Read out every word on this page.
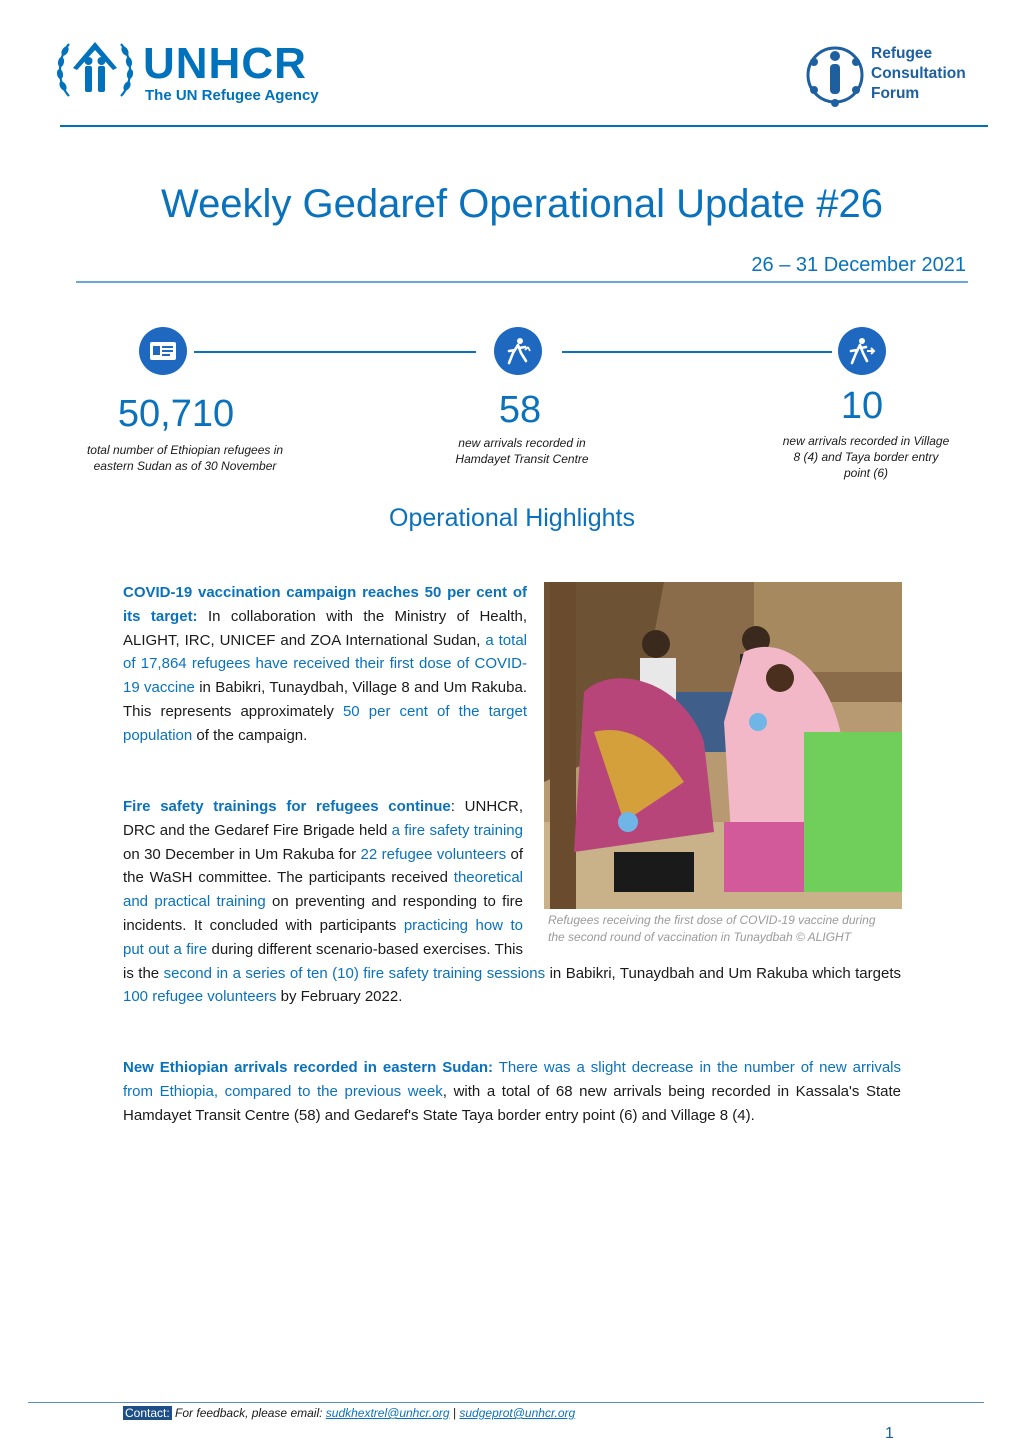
UNHCR
The UN Refugee Agency
Refugee
Consultation
Forum
Weekly Gedaref Operational Update #26
26 – 31 December 2021
50,710
total number of Ethiopian refugees in
eastern Sudan as of 30 November
58
new arrivals recorded in
Hamdayet Transit Centre
10
new arrivals recorded in Village
8 (4) and Taya border entry
point (6)
Operational Highlights
COVID-19 vaccination campaign reaches 50 per cent of its target: In collaboration with the Ministry of Health, ALIGHT, IRC, UNICEF and ZOA International Sudan, a total of 17,864 refugees have received their first dose of COVID-19 vaccine in Babikri, Tunaydbah, Village 8 and Um Rakuba. This represents approximately 50 per cent of the target population of the campaign.
Refugees receiving the first dose of COVID-19 vaccine during
the second round of vaccination in Tunaydbah © ALIGHT
Fire safety trainings for refugees continue: UNHCR, DRC and the Gedaref Fire Brigade held a fire safety training on 30 December in Um Rakuba for 22 refugee volunteers of the WaSH committee. The participants received theoretical and practical training on preventing and responding to fire incidents. It concluded with participants practicing how to put out a fire during different scenario-based exercises. This is the second in a series of ten (10) fire safety training sessions in Babikri, Tunaydbah and Um Rakuba which targets 100 refugee volunteers by February 2022.
New Ethiopian arrivals recorded in eastern Sudan: There was a slight decrease in the number of new arrivals from Ethiopia, compared to the previous week, with a total of 68 new arrivals being recorded in Kassala's State Hamdayet Transit Centre (58) and Gedaref's State Taya border entry point (6) and Village 8 (4).
Contact: For feedback, please email: sudkhextrel@unhcr.org | sudgeprot@unhcr.org
1
